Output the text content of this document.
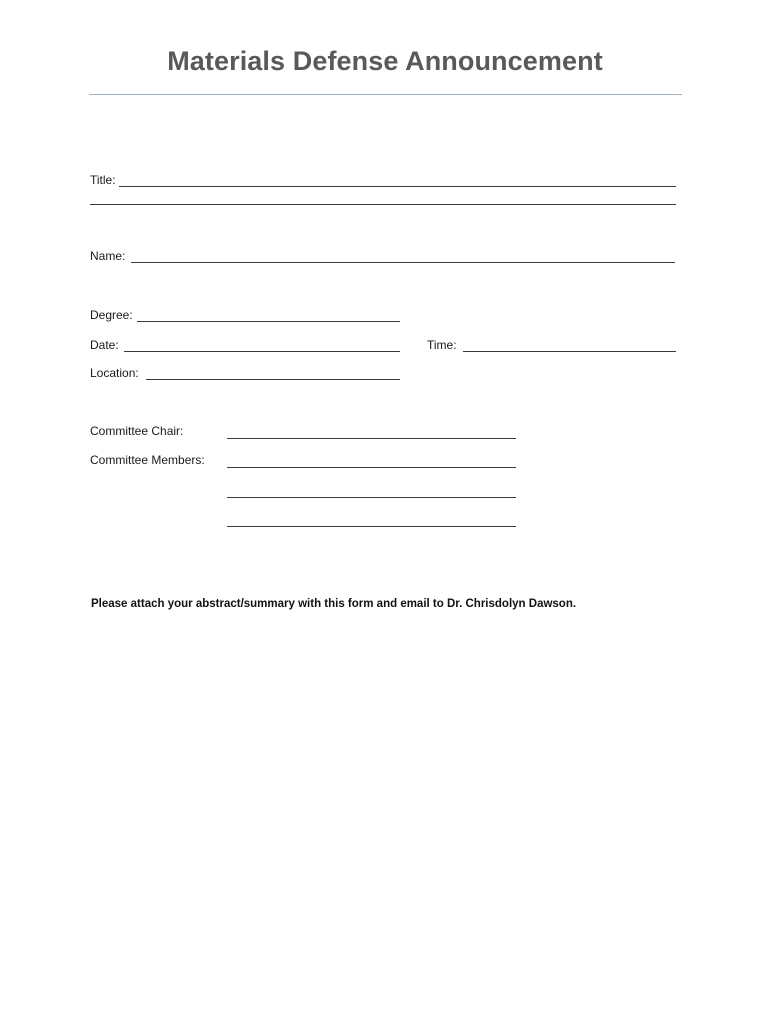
Materials Defense Announcement
Title:
Name:
Degree:
Date:	Time:
Location:
Committee Chair:
Committee Members:
Please attach your abstract/summary with this form and email to Dr. Chrisdolyn Dawson.
